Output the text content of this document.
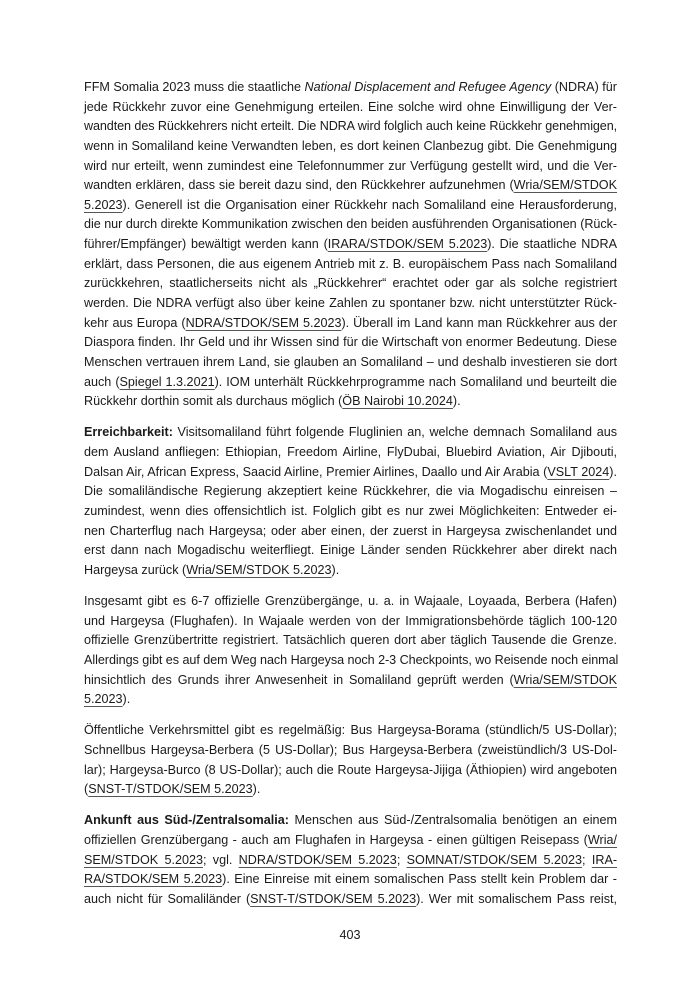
FFM Somalia 2023 muss die staatliche National Displacement and Refugee Agency (NDRA) für
jede Rückkehr zuvor eine Genehmigung erteilen. Eine solche wird ohne Einwilligung der Ver-
wandten des Rückkehrers nicht erteilt. Die NDRA wird folglich auch keine Rückkehr genehmigen,
wenn in Somaliland keine Verwandten leben, es dort keinen Clanbezug gibt. Die Genehmigung
wird nur erteilt, wenn zumindest eine Telefonnummer zur Verfügung gestellt wird, und die Ver-
wandten erklären, dass sie bereit dazu sind, den Rückkehrer aufzunehmen (Wria/SEM/STDOK
5.2023). Generell ist die Organisation einer Rückkehr nach Somaliland eine Herausforderung,
die nur durch direkte Kommunikation zwischen den beiden ausführenden Organisationen (Rück-
führer/Empfänger) bewältigt werden kann (IRARA/STDOK/SEM 5.2023). Die staatliche NDRA
erklärt, dass Personen, die aus eigenem Antrieb mit z. B. europäischem Pass nach Somaliland
zurückkehren, staatlicherseits nicht als „Rückkehrer“ erachtet oder gar als solche registriert
werden. Die NDRA verfügt also über keine Zahlen zu spontaner bzw. nicht unterstützter Rück-
kehr aus Europa (NDRA/STDOK/SEM 5.2023). Überall im Land kann man Rückkehrer aus der
Diaspora finden. Ihr Geld und ihr Wissen sind für die Wirtschaft von enormer Bedeutung. Diese
Menschen vertrauen ihrem Land, sie glauben an Somaliland – und deshalb investieren sie dort
auch (Spiegel 1.3.2021). IOM unterhält Rückkehrprogramme nach Somaliland und beurteilt die
Rückkehr dorthin somit als durchaus möglich (ÖB Nairobi 10.2024).
Erreichbarkeit: Visitsomaliland führt folgende Fluglinien an, welche demnach Somaliland aus
dem Ausland anfliegen: Ethiopian, Freedom Airline, FlyDubai, Bluebird Aviation, Air Djibouti,
Dalsan Air, African Express, Saacid Airline, Premier Airlines, Daallo und Air Arabia (VSLT 2024).
Die somaliländische Regierung akzeptiert keine Rückkehrer, die via Mogadischu einreisen –
zumindest, wenn dies offensichtlich ist. Folglich gibt es nur zwei Möglichkeiten: Entweder ei-
nen Charterflug nach Hargeysa; oder aber einen, der zuerst in Hargeysa zwischenlandet und
erst dann nach Mogadischu weiterfliegt. Einige Länder senden Rückkehrer aber direkt nach
Hargeysa zurück (Wria/SEM/STDOK 5.2023).
Insgesamt gibt es 6-7 offizielle Grenzübergänge, u. a. in Wajaale, Loyaada, Berbera (Hafen)
und Hargeysa (Flughafen). In Wajaale werden von der Immigrationsbehörde täglich 100-120
offizielle Grenzübertritte registriert. Tatsächlich queren dort aber täglich Tausende die Grenze.
Allerdings gibt es auf dem Weg nach Hargeysa noch 2-3 Checkpoints, wo Reisende noch einmal
hinsichtlich des Grunds ihrer Anwesenheit in Somaliland geprüft werden (Wria/SEM/STDOK
5.2023).
Öffentliche Verkehrsmittel gibt es regelmäßig: Bus Hargeysa-Borama (stündlich/5 US-Dollar);
Schnellbus Hargeysa-Berbera (5 US-Dollar); Bus Hargeysa-Berbera (zweistündlich/3 US-Dol-
lar); Hargeysa-Burco (8 US-Dollar); auch die Route Hargeysa-Jijiga (Äthiopien) wird angeboten
(SNST-T/STDOK/SEM 5.2023).
Ankunft aus Süd-/Zentralsomalia: Menschen aus Süd-/Zentralsomalia benötigen an einem
offiziellen Grenzübergang - auch am Flughafen in Hargeysa - einen gültigen Reisepass (Wria/
SEM/STDOK 5.2023; vgl. NDRA/STDOK/SEM 5.2023; SOMNAT/STDOK/SEM 5.2023; IRA-
RA/STDOK/SEM 5.2023). Eine Einreise mit einem somalischen Pass stellt kein Problem dar -
auch nicht für Somaliländer (SNST-T/STDOK/SEM 5.2023). Wer mit somalischem Pass reist,
403
